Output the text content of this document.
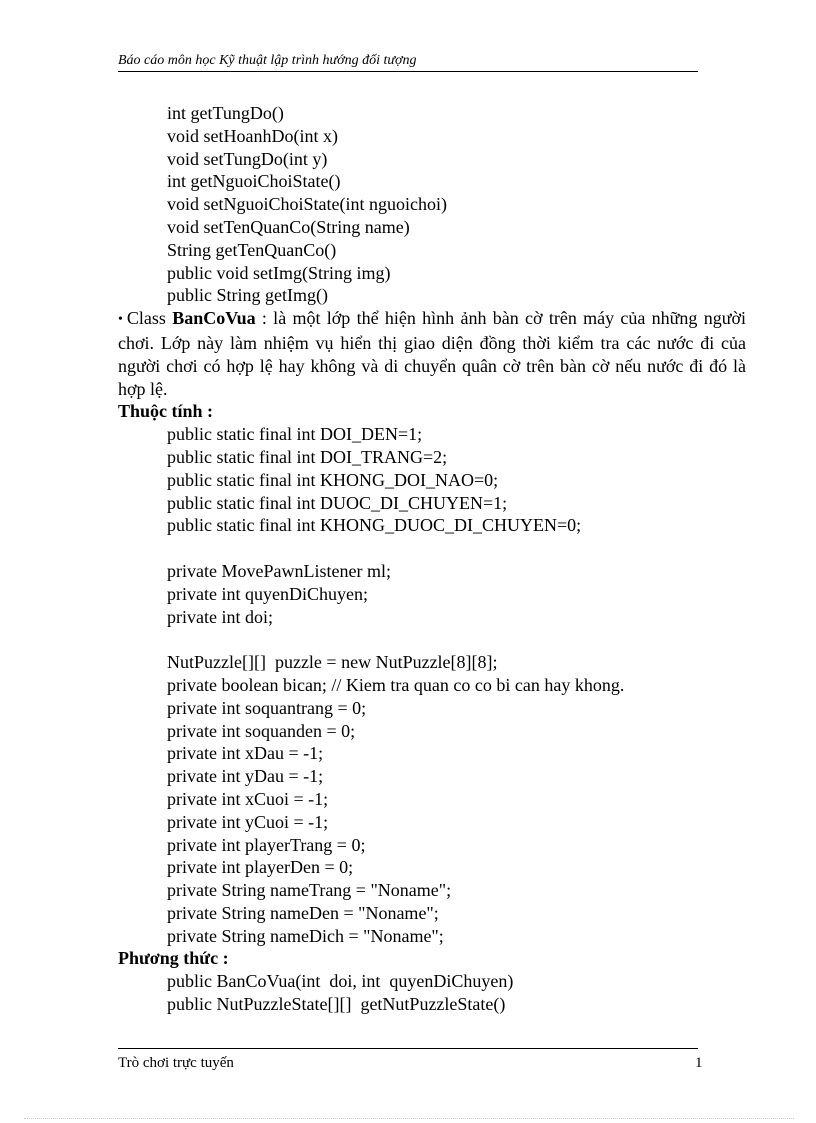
Báo cáo môn học Kỹ thuật lập trình hướng đối tượng
int getTungDo()
void setHoanhDo(int x)
void setTungDo(int y)
int getNguoiChoiState()
void setNguoiChoiState(int nguoichoi)
void setTenQuanCo(String name)
String getTenQuanCo()
public void setImg(String img)
public String getImg()
• Class BanCoVua : là một lớp thể hiện hình ảnh bàn cờ trên máy của những người chơi. Lớp này làm nhiệm vụ hiển thị giao diện đồng thời kiểm tra các nước đi của người chơi có hợp lệ hay không và di chuyển quân cờ trên bàn cờ nếu nước đi đó là hợp lệ.
Thuộc tính :
public static final int DOI_DEN=1;
public static final int DOI_TRANG=2;
public static final int KHONG_DOI_NAO=0;
public static final int DUOC_DI_CHUYEN=1;
public static final int KHONG_DUOC_DI_CHUYEN=0;
private MovePawnListener ml;
private int quyenDiChuyen;
private int doi;
NutPuzzle[][]  puzzle = new NutPuzzle[8][8];
private boolean bican; // Kiem tra quan co co bi can hay khong.
private int soquantrang = 0;
private int soquanden = 0;
private int xDau = -1;
private int yDau = -1;
private int xCuoi = -1;
private int yCuoi = -1;
private int playerTrang = 0;
private int playerDen = 0;
private String nameTrang = "Noname";
private String nameDen = "Noname";
private String nameDich = "Noname";
Phương thức :
public BanCoVua(int  doi, int  quyenDiChuyen)
public NutPuzzleState[][]  getNutPuzzleState()
Trò chơi trực tuyến	1
